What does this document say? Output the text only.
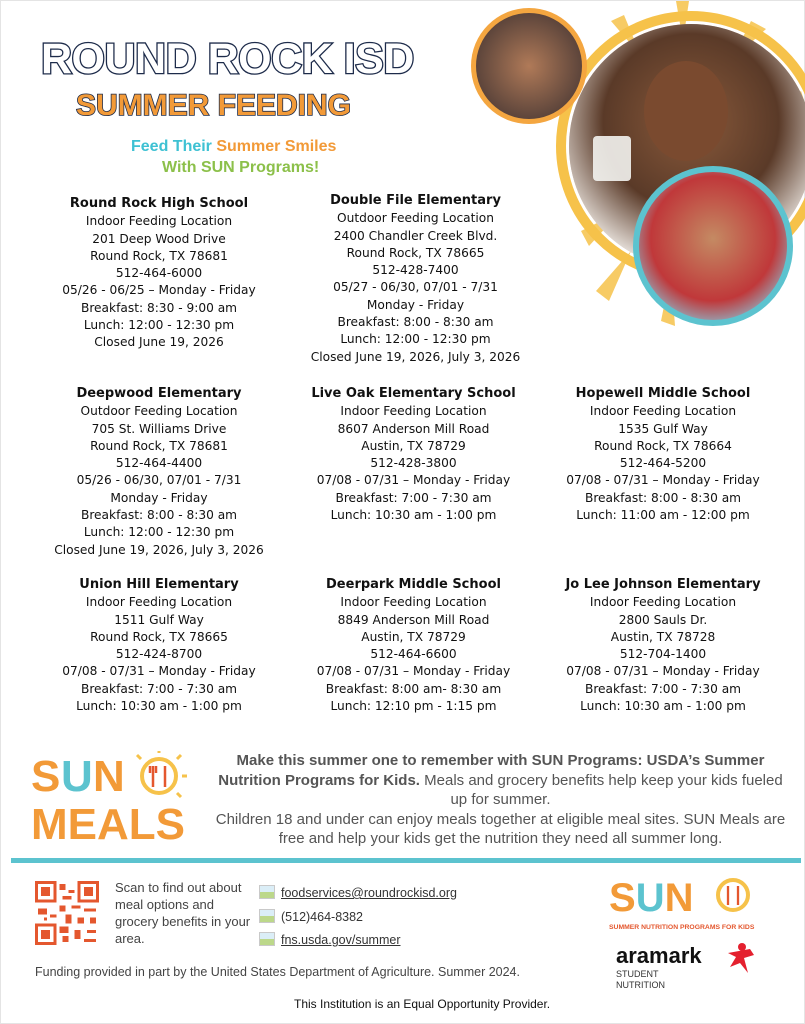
ROUND ROCK ISD
SUMMER FEEDING
Feed Their Summer Smiles
With SUN Programs!
Round Rock High School
Indoor Feeding Location
201 Deep Wood Drive
Round Rock, TX 78681
512-464-6000
05/26 - 06/25 – Monday - Friday
Breakfast: 8:30 - 9:00 am
Lunch: 12:00 - 12:30 pm
Closed June 19, 2026
Double File Elementary
Outdoor Feeding Location
2400 Chandler Creek Blvd.
Round Rock, TX 78665
512-428-7400
05/27 - 06/30, 07/01 - 7/31
Monday - Friday
Breakfast: 8:00 - 8:30 am
Lunch: 12:00 - 12:30 pm
Closed June 19, 2026, July 3, 2026
Deepwood Elementary
Outdoor Feeding Location
705 St. Williams Drive
Round Rock, TX 78681
512-464-4400
05/26 - 06/30, 07/01 - 7/31
Monday - Friday
Breakfast: 8:00 - 8:30 am
Lunch: 12:00 - 12:30 pm
Closed June 19, 2026, July 3, 2026
Live Oak Elementary School
Indoor Feeding Location
8607 Anderson Mill Road
Austin, TX 78729
512-428-3800
07/08 - 07/31 – Monday - Friday
Breakfast: 7:00 - 7:30 am
Lunch: 10:30 am - 1:00 pm
Hopewell Middle School
Indoor Feeding Location
1535 Gulf Way
Round Rock, TX 78664
512-464-5200
07/08 - 07/31 – Monday - Friday
Breakfast: 8:00 - 8:30 am
Lunch: 11:00 am - 12:00 pm
Union Hill Elementary
Indoor Feeding Location
1511 Gulf Way
Round Rock, TX 78665
512-424-8700
07/08 - 07/31 – Monday - Friday
Breakfast: 7:00 - 7:30 am
Lunch: 10:30 am - 1:00 pm
Deerpark Middle School
Indoor Feeding Location
8849 Anderson Mill Road
Austin, TX 78729
512-464-6600
07/08 - 07/31 – Monday - Friday
Breakfast: 8:00 am- 8:30 am
Lunch: 12:10 pm - 1:15 pm
Jo Lee Johnson Elementary
Indoor Feeding Location
2800 Sauls Dr.
Austin, TX 78728
512-704-1400
07/08 - 07/31 – Monday - Friday
Breakfast: 7:00 - 7:30 am
Lunch: 10:30 am - 1:00 pm
S U N
MEALS
Make this summer one to remember with SUN Programs: USDA’s Summer Nutrition Programs for Kids. Meals and grocery benefits help keep your kids fueled up for summer.
Children 18 and under can enjoy meals together at eligible meal sites. SUN Meals are free and help your kids get the nutrition they need all summer long.
Scan to find out about meal options and grocery benefits in your area.
foodservices@roundrockisd.org
(512)464-8382
fns.usda.gov/summer
Funding provided in part by the United States Department of Agriculture. Summer 2024.
This Institution is an Equal Opportunity Provider.
SUN
SUMMER NUTRITION PROGRAMS FOR KIDS
aramark
STUDENT
NUTRITION
